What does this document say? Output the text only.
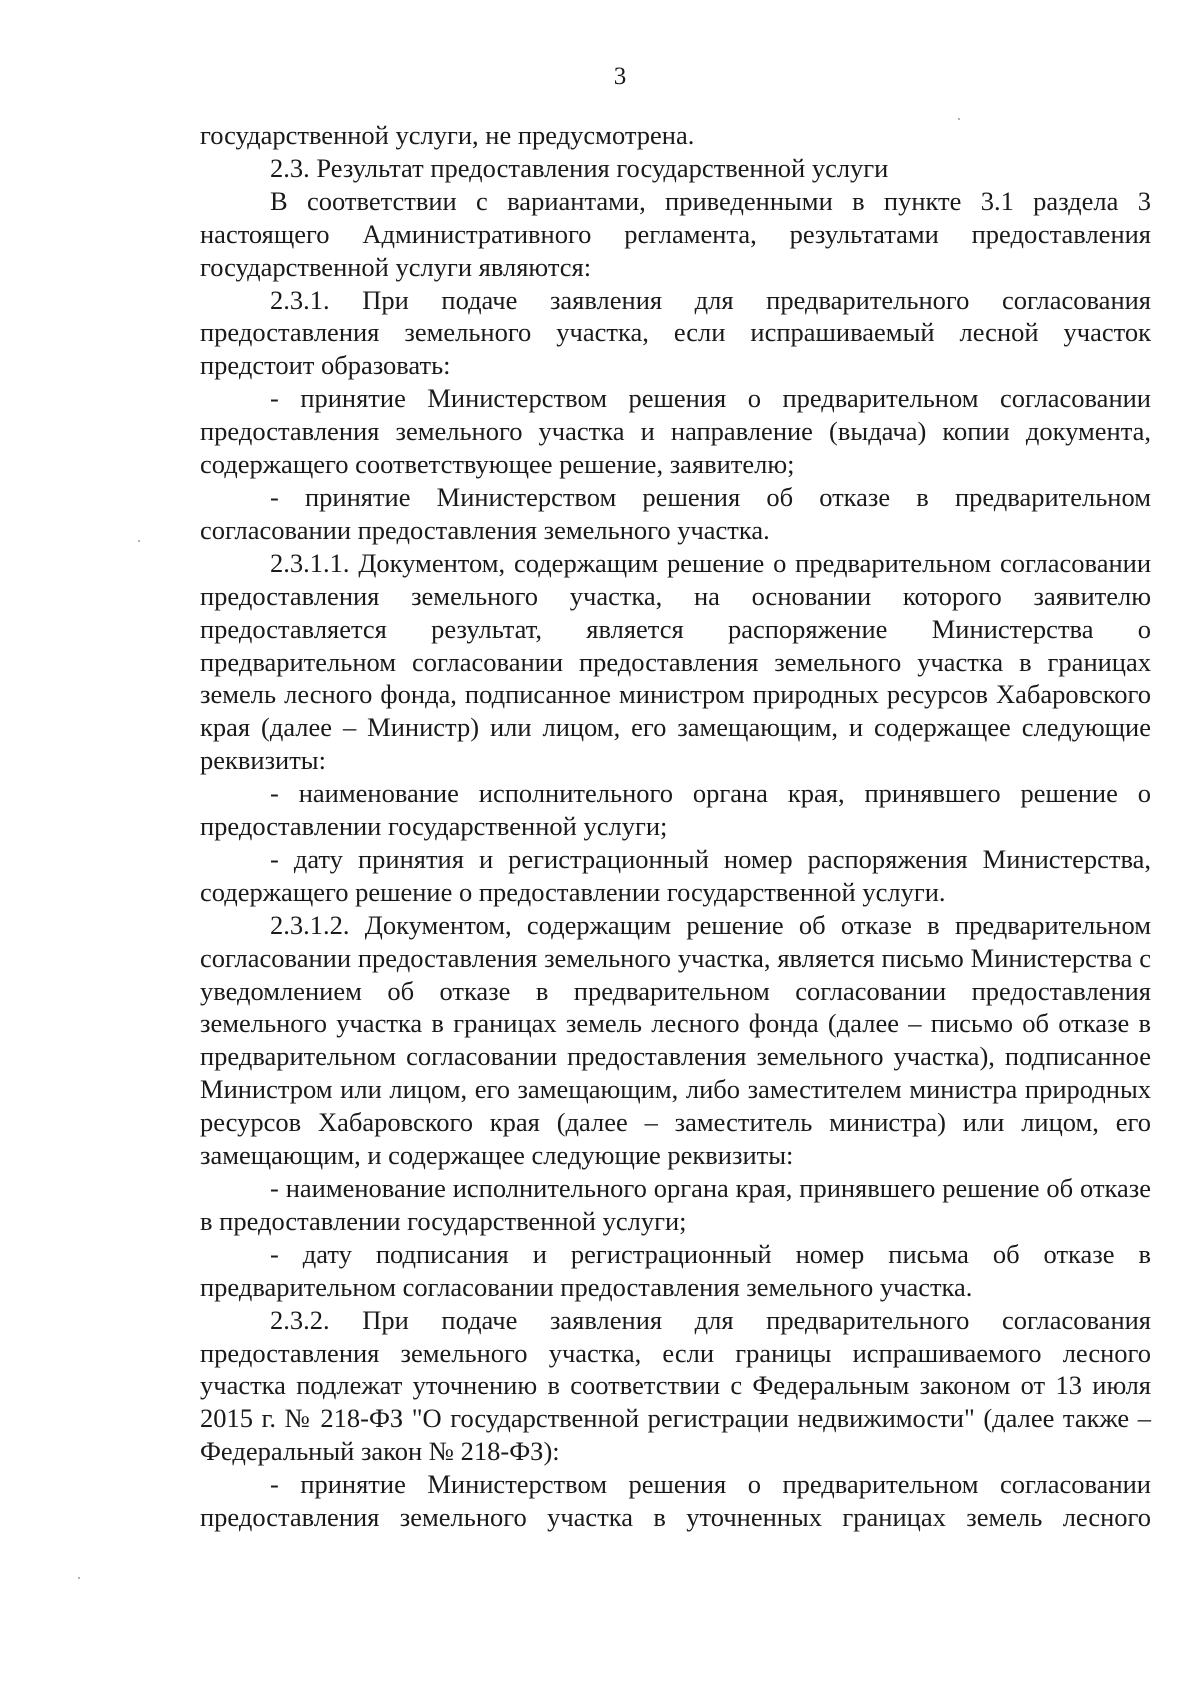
3

государственной услуги, не предусмотрена.

2.3. Результат предоставления государственной услуги

В соответствии с вариантами, приведенными в пункте 3.1 раздела 3 настоящего Административного регламента, результатами предоставления государственной услуги являются:

2.3.1. При подаче заявления для предварительного согласования предоставления земельного участка, если испрашиваемый лесной участок предстоит образовать:

- принятие Министерством решения о предварительном согласовании предоставления земельного участка и направление (выдача) копии документа, содержащего соответствующее решение, заявителю;

- принятие Министерством решения об отказе в предварительном согласовании предоставления земельного участка.

2.3.1.1. Документом, содержащим решение о предварительном согласовании предоставления земельного участка, на основании которого заявителю предоставляется результат, является распоряжение Министерства о предварительном согласовании предоставления земельного участка в границах земель лесного фонда, подписанное министром природных ресурсов Хабаровского края (далее – Министр) или лицом, его замещающим, и содержащее следующие реквизиты:

- наименование исполнительного органа края, принявшего решение о предоставлении государственной услуги;

- дату принятия и регистрационный номер распоряжения Министерства, содержащего решение о предоставлении государственной услуги.

2.3.1.2. Документом, содержащим решение об отказе в предварительном согласовании предоставления земельного участка, является письмо Министерства с уведомлением об отказе в предварительном согласовании предоставления земельного участка в границах земель лесного фонда (далее – письмо об отказе в предварительном согласовании предоставления земельного участка), подписанное Министром или лицом, его замещающим, либо заместителем министра природных ресурсов Хабаровского края (далее – заместитель министра) или лицом, его замещающим, и содержащее следующие реквизиты:

- наименование исполнительного органа края, принявшего решение об отказе в предоставлении государственной услуги;

- дату подписания и регистрационный номер письма об отказе в предварительном согласовании предоставления земельного участка.

2.3.2. При подаче заявления для предварительного согласования предоставления земельного участка, если границы испрашиваемого лесного участка подлежат уточнению в соответствии с Федеральным законом от 13 июля 2015 г. № 218-ФЗ "О государственной регистрации недвижимости" (далее также – Федеральный закон № 218-ФЗ):

- принятие Министерством решения о предварительном согласовании предоставления земельного участка в уточненных границах земель лесного
